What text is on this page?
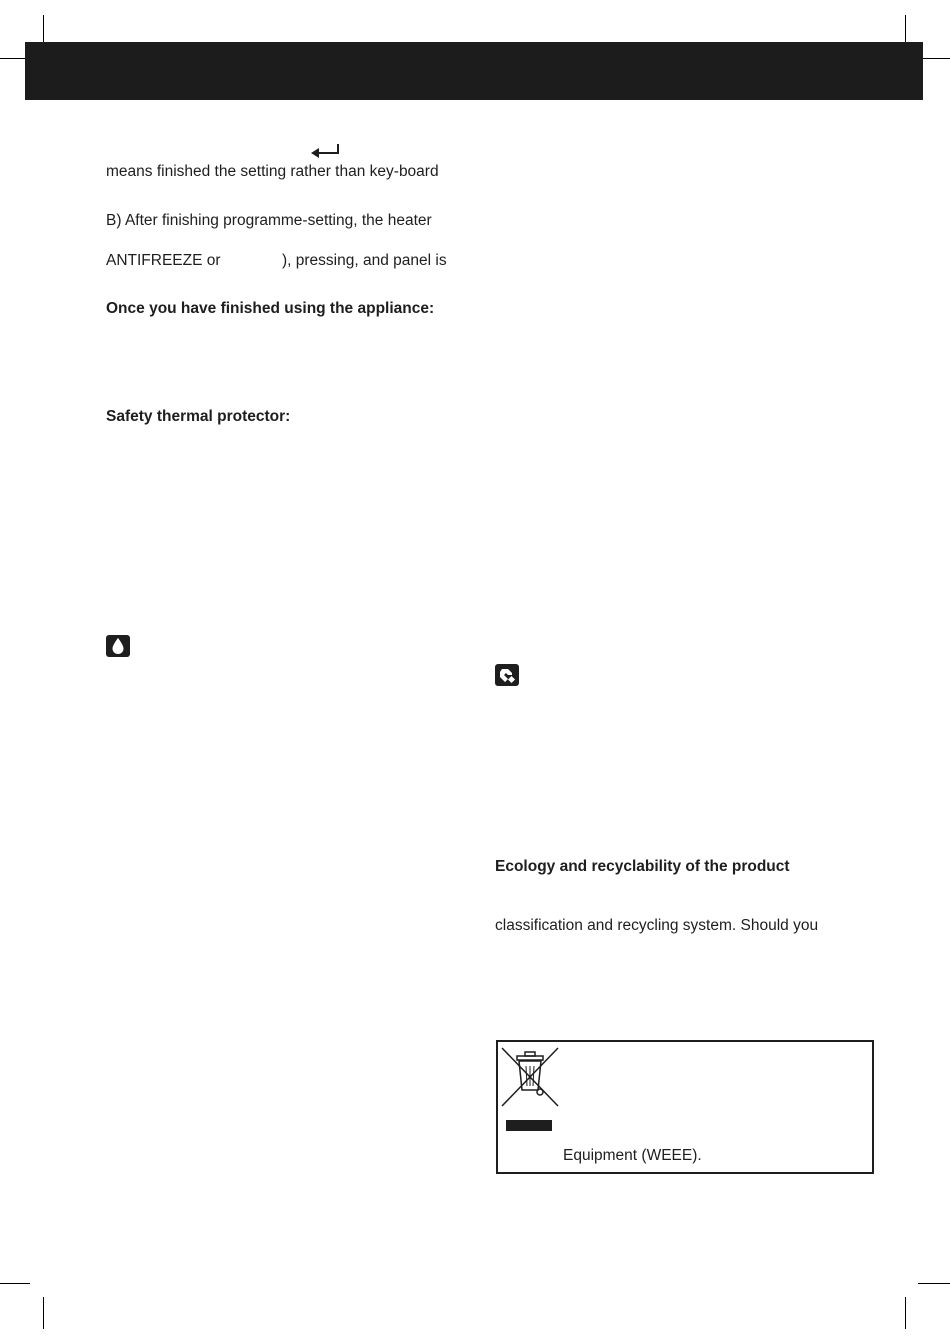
means finished the setting rather than key-board
B) After finishing programme-setting, the heater
ANTIFREEZE or	), pressing, and panel is
Once you have finished using the appliance:
Safety thermal protector:
Ecology and recyclability of the product
classification and recycling system. Should you
Equipment (WEEE).
